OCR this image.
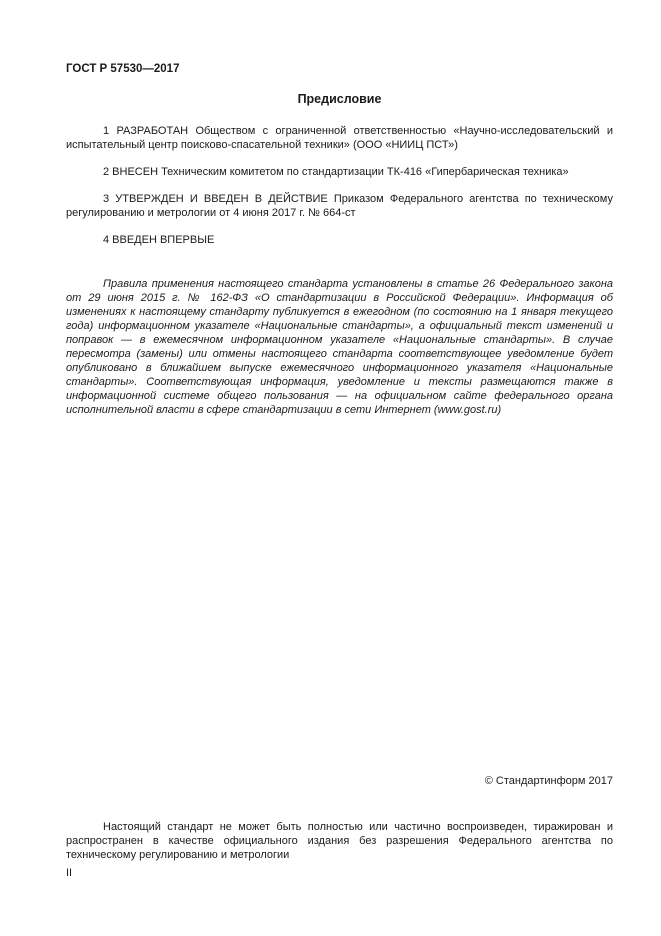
ГОСТ Р 57530—2017
Предисловие

1 РАЗРАБОТАН Обществом с ограниченной ответственностью «Научно-исследовательский и испытательный центр поисково-спасательной техники» (ООО «НИИЦ ПСТ»)

2 ВНЕСЕН Техническим комитетом по стандартизации ТК-416 «Гипербарическая техника»

3 УТВЕРЖДЕН И ВВЕДЕН В ДЕЙСТВИЕ Приказом Федерального агентства по техническому регулированию и метрологии от 4 июня 2017 г. № 664-ст

4 ВВЕДЕН ВПЕРВЫЕ

Правила применения настоящего стандарта установлены в статье 26 Федерального закона от 29 июня 2015 г. № 162-ФЗ «О стандартизации в Российской Федерации». Информация об изменениях к настоящему стандарту публикуется в ежегодном (по состоянию на 1 января текущего года) информационном указателе «Национальные стандарты», а официальный текст изменений и поправок — в ежемесячном информационном указателе «Национальные стандарты». В случае пересмотра (замены) или отмены настоящего стандарта соответствующее уведомление будет опубликовано в ближайшем выпуске ежемесячного информационного указателя «Национальные стандарты». Соответствующая информация, уведомление и тексты размещаются также в информационной системе общего пользования — на официальном сайте федерального органа исполнительной власти в сфере стандартизации в сети Интернет (www.gost.ru)

© Стандартинформ 2017

Настоящий стандарт не может быть полностью или частично воспроизведен, тиражирован и распространен в качестве официального издания без разрешения Федерального агентства по техническому регулированию и метрологии

II
